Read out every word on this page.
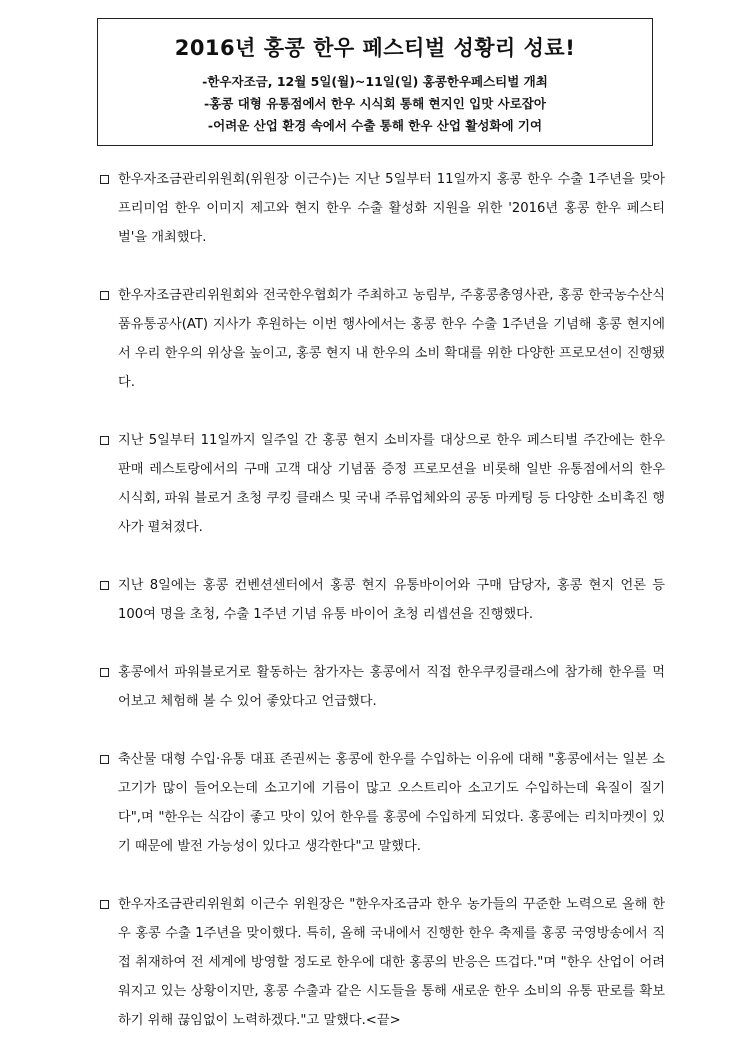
2016년 홍콩 한우 페스티벌 성황리 성료!
-한우자조금, 12월 5일(월)~11일(일) 홍콩한우페스티벌 개최
-홍콩 대형 유통점에서 한우 시식회 통해 현지인 입맛 사로잡아
-어려운 산업 환경 속에서 수출 통해 한우 산업 활성화에 기여
한우자조금관리위원회(위원장 이근수)는 지난 5일부터 11일까지 홍콩 한우 수출 1주년을 맞아 프리미엄 한우 이미지 제고와 현지 한우 수출 활성화 지원을 위한 '2016년 홍콩 한우 페스티벌'을 개최했다.
한우자조금관리위원회와 전국한우협회가 주최하고 농림부, 주홍콩총영사관, 홍콩 한국농수산식품유통공사(AT) 지사가 후원하는 이번 행사에서는 홍콩 한우 수출 1주년을 기념해 홍콩 현지에서 우리 한우의 위상을 높이고, 홍콩 현지 내 한우의 소비 확대를 위한 다양한 프로모션이 진행됐다.
지난 5일부터 11일까지 일주일 간 홍콩 현지 소비자를 대상으로 한우 페스티벌 주간에는 한우 판매 레스토랑에서의 구매 고객 대상 기념품 증정 프로모션을 비롯해 일반 유통점에서의 한우 시식회, 파워 블로거 초청 쿠킹 클래스 및 국내 주류업체와의 공동 마케팅 등 다양한 소비촉진 행사가 펼쳐졌다.
지난 8일에는 홍콩 컨벤션센터에서 홍콩 현지 유통바이어와 구매 담당자, 홍콩 현지 언론 등 100여 명을 초청, 수출 1주년 기념 유통 바이어 초청 리셉션을 진행했다.
홍콩에서 파워블로거로 활동하는 참가자는 홍콩에서 직접 한우쿠킹클래스에 참가해 한우를 먹어보고 체험해 볼 수 있어 좋았다고 언급했다.
축산물 대형 수입·유통 대표 존권씨는 홍콩에 한우를 수입하는 이유에 대해 "홍콩에서는 일본 소고기가 많이 들어오는데 소고기에 기름이 많고 오스트리아 소고기도 수입하는데 육질이 질기다",며 "한우는 식감이 좋고 맛이 있어 한우를 홍콩에 수입하게 되었다. 홍콩에는 리치마켓이 있기 때문에 발전 가능성이 있다고 생각한다"고 말했다.
한우자조금관리위원회 이근수 위원장은 "한우자조금과 한우 농가들의 꾸준한 노력으로 올해 한우 홍콩 수출 1주년을 맞이했다. 특히, 올해 국내에서 진행한 한우 축제를 홍콩 국영방송에서 직접 취재하여 전 세계에 방영할 정도로 한우에 대한 홍콩의 반응은 뜨겁다."며 "한우 산업이 어려워지고 있는 상황이지만, 홍콩 수출과 같은 시도들을 통해 새로운 한우 소비의 유통 판로를 확보하기 위해 끊임없이 노력하겠다."고 말했다.<끝>
